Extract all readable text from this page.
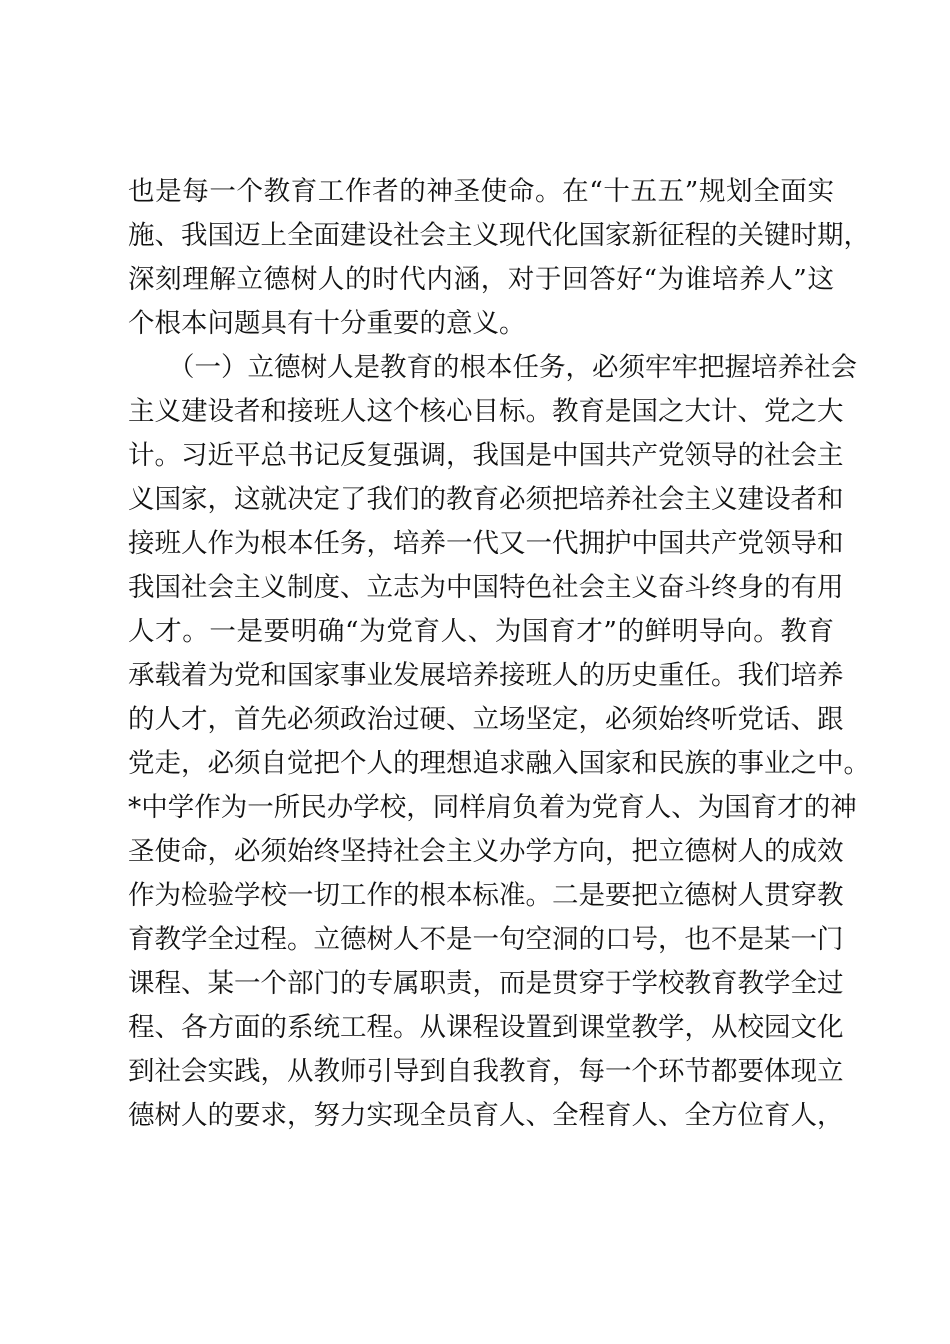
也是每一个教育工作者的神圣使命。在“十五五”规划全面实
施、我国迈上全面建设社会主义现代化国家新征程的关键时期，
深刻理解立德树人的时代内涵，对于回答好“为谁培养人”这
个根本问题具有十分重要的意义。
（一）立德树人是教育的根本任务，必须牢牢把握培养社会
主义建设者和接班人这个核心目标。教育是国之大计、党之大
计。习近平总书记反复强调，我国是中国共产党领导的社会主
义国家，这就决定了我们的教育必须把培养社会主义建设者和
接班人作为根本任务，培养一代又一代拥护中国共产党领导和
我国社会主义制度、立志为中国特色社会主义奋斗终身的有用
人才。一是要明确“为党育人、为国育才”的鲜明导向。教育
承载着为党和国家事业发展培养接班人的历史重任。我们培养
的人才，首先必须政治过硬、立场坚定，必须始终听党话、跟
党走，必须自觉把个人的理想追求融入国家和民族的事业之中。
*中学作为一所民办学校，同样肩负着为党育人、为国育才的神
圣使命，必须始终坚持社会主义办学方向，把立德树人的成效
作为检验学校一切工作的根本标准。二是要把立德树人贯穿教
育教学全过程。立德树人不是一句空洞的口号，也不是某一门
课程、某一个部门的专属职责，而是贯穿于学校教育教学全过
程、各方面的系统工程。从课程设置到课堂教学，从校园文化
到社会实践，从教师引导到自我教育，每一个环节都要体现立
德树人的要求，努力实现全员育人、全程育人、全方位育人，
